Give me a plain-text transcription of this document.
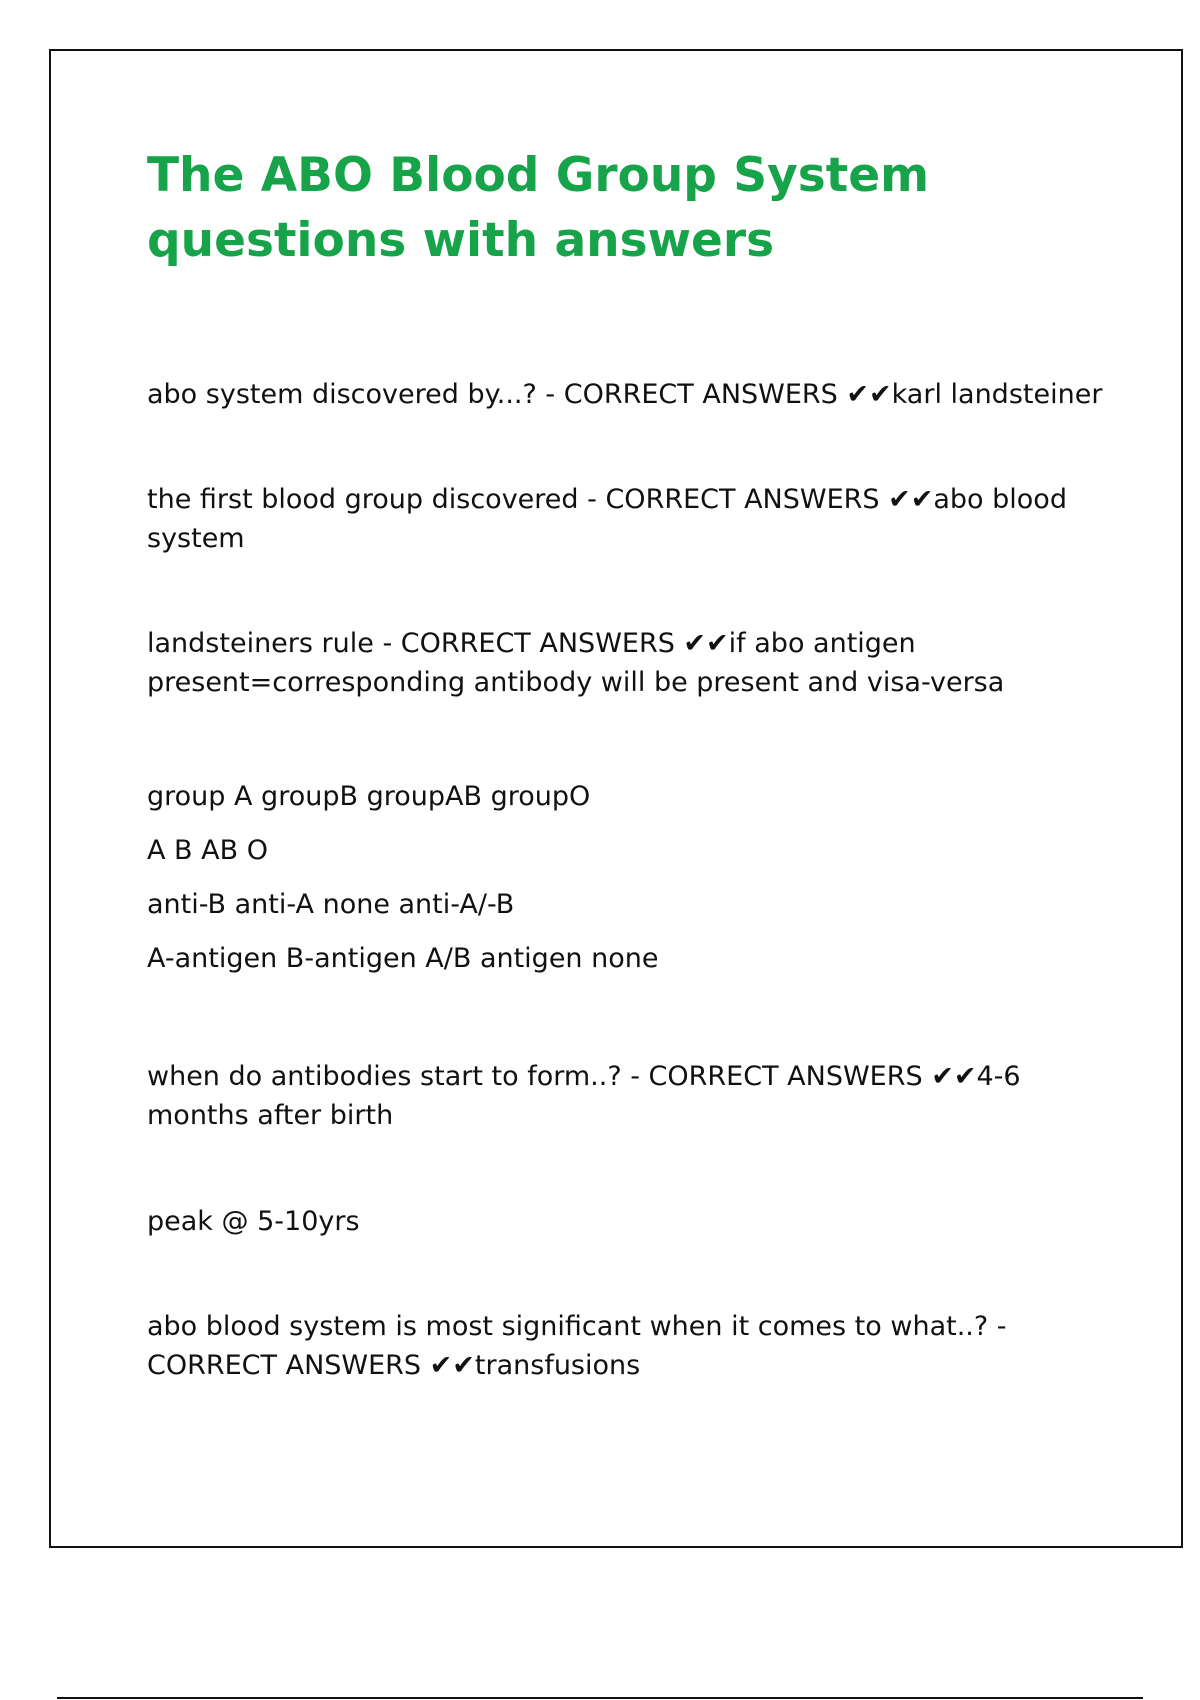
The ABO Blood Group System questions with answers

abo system discovered by...? - CORRECT ANSWERS ✔✔karl landsteiner

the first blood group discovered - CORRECT ANSWERS ✔✔abo blood system

landsteiners rule - CORRECT ANSWERS ✔✔if abo antigen present=corresponding antibody will be present and visa-versa

group A groupB groupAB groupO

A B AB O

anti-B anti-A none anti-A/-B

A-antigen B-antigen A/B antigen none

when do antibodies start to form..? - CORRECT ANSWERS ✔✔4-6 months after birth

peak @ 5-10yrs

abo blood system is most significant when it comes to what..? - CORRECT ANSWERS ✔✔transfusions
